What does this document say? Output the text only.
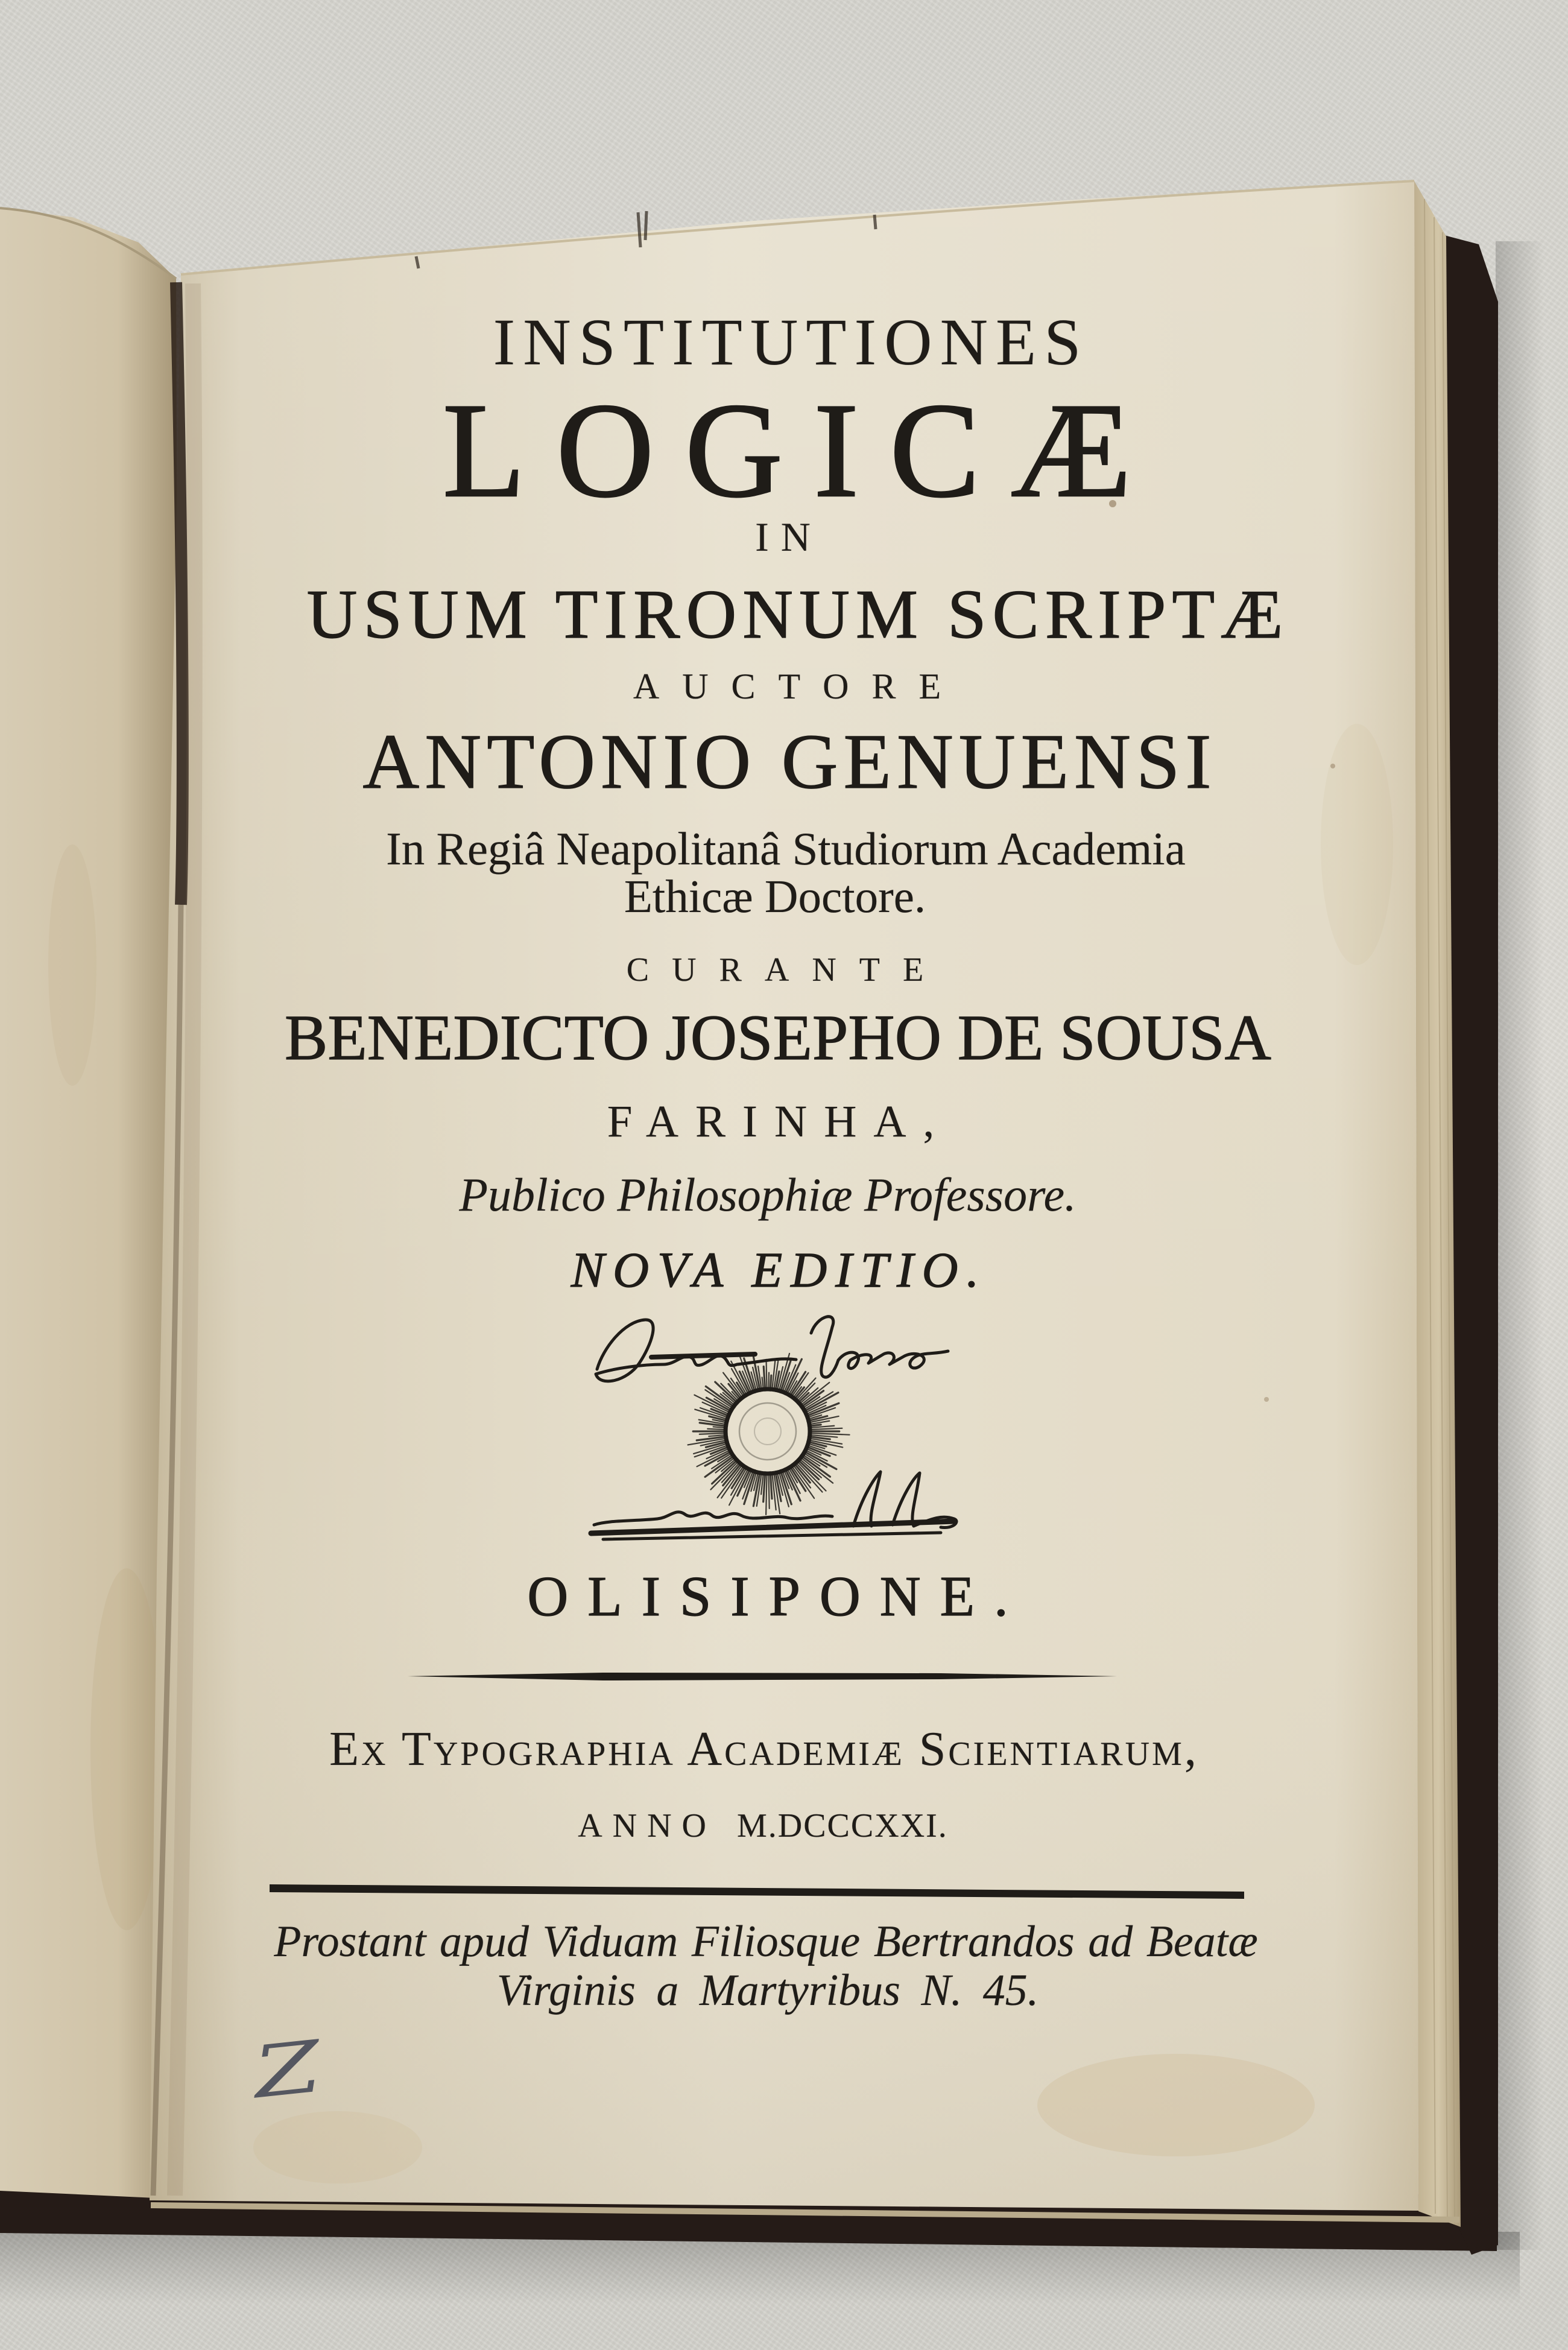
INSTITUTIONES
LOGICÆ
IN
USUM TIRONUM SCRIPTÆ
AUCTORE
ANTONIO GENUENSI
In Regiâ Neapolitanâ Studiorum Academia
Ethicæ Doctore.
CURANTE
BENEDICTO JOSEPHO DE SOUSA
FARINHA,
Publico Philosophiæ Professore.
NOVA EDITIO.
OLISIPONE.
Ex Typographia Academiæ Scientiarum,
ANNO M.DCCCXXI.
Prostant apud Viduam Filiosque Bertrandos ad Beatæ
Virginis a Martyribus N. 45.
Z
